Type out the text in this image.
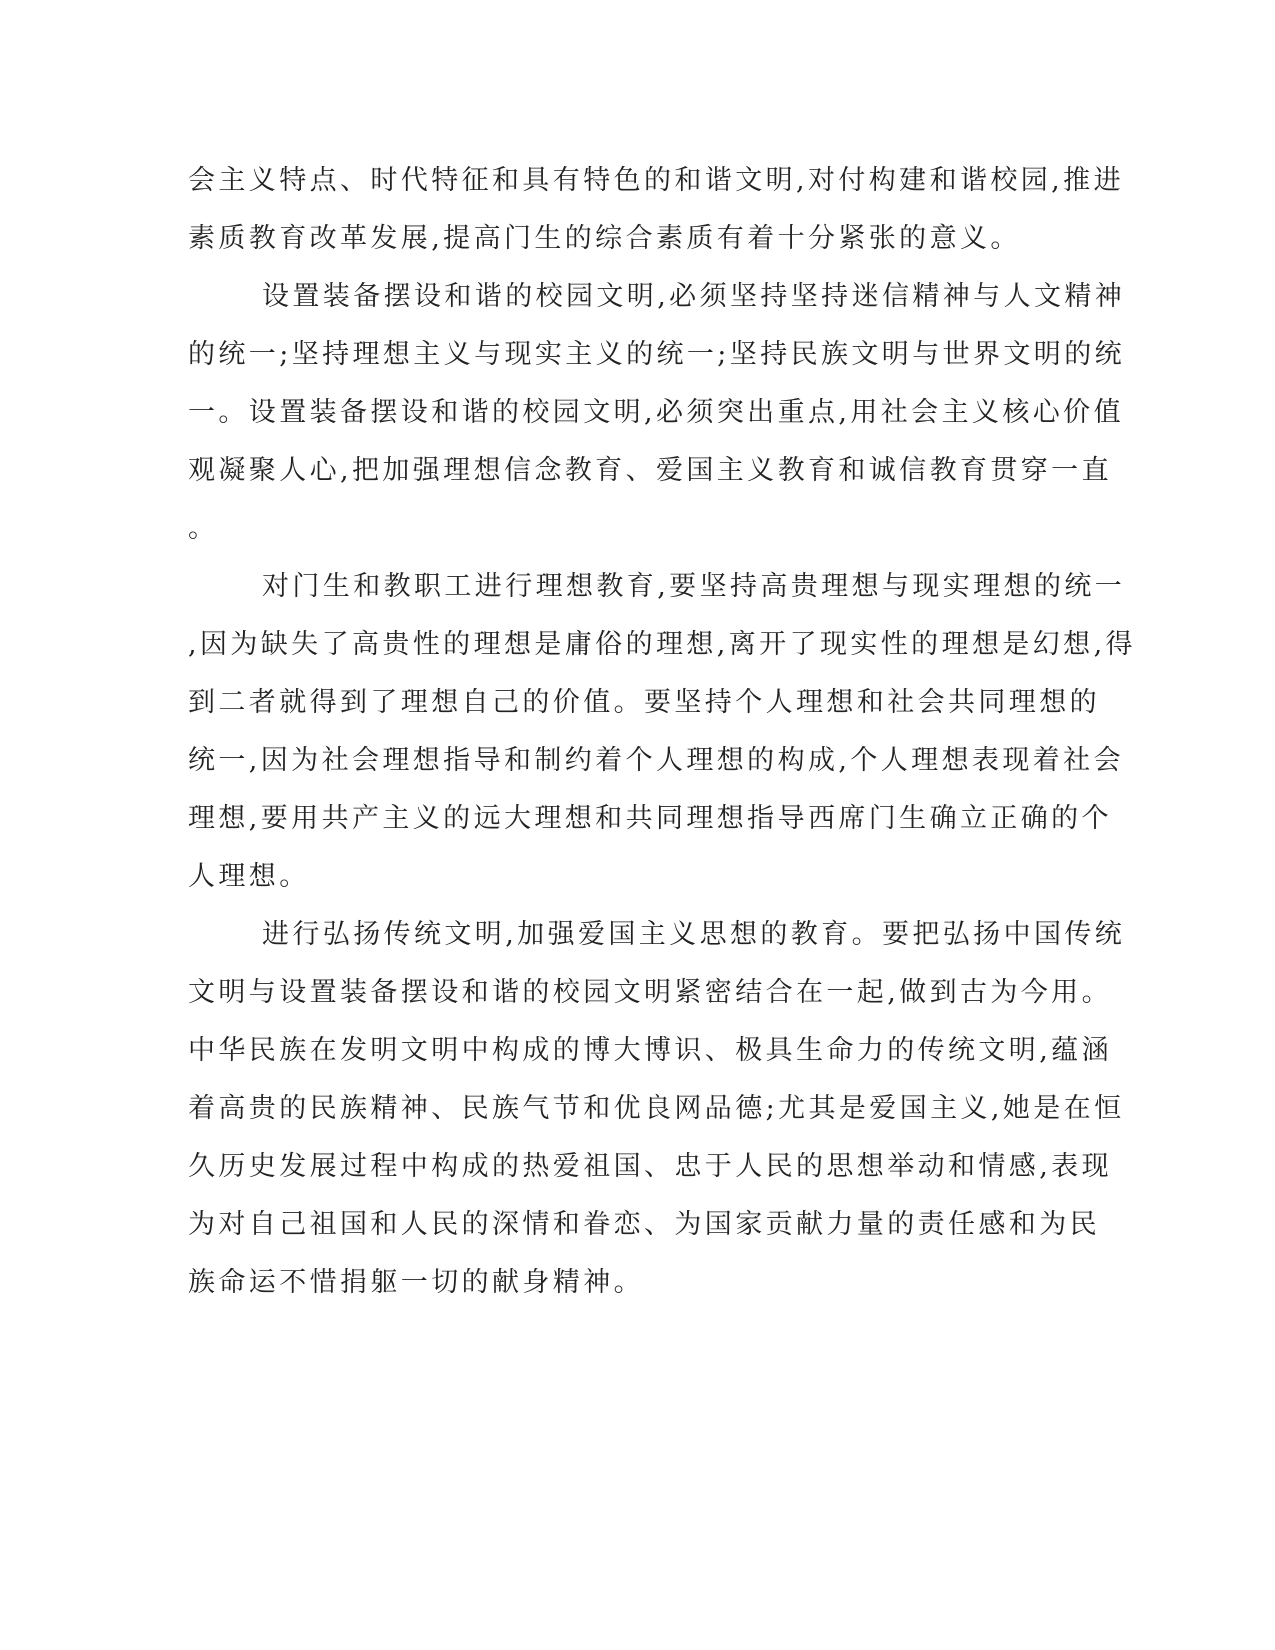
会主义特点、时代特征和具有特色的和谐文明,对付构建和谐校园,推进
素质教育改革发展,提高门生的综合素质有着十分紧张的意义。
设置装备摆设和谐的校园文明,必须坚持坚持迷信精神与人文精神
的统一;坚持理想主义与现实主义的统一;坚持民族文明与世界文明的统
一。设置装备摆设和谐的校园文明,必须突出重点,用社会主义核心价值
观凝聚人心,把加强理想信念教育、爱国主义教育和诚信教育贯穿一直
。
对门生和教职工进行理想教育,要坚持高贵理想与现实理想的统一
,因为缺失了高贵性的理想是庸俗的理想,离开了现实性的理想是幻想,得
到二者就得到了理想自己的价值。要坚持个人理想和社会共同理想的
统一,因为社会理想指导和制约着个人理想的构成,个人理想表现着社会
理想,要用共产主义的远大理想和共同理想指导西席门生确立正确的个
人理想。
进行弘扬传统文明,加强爱国主义思想的教育。要把弘扬中国传统
文明与设置装备摆设和谐的校园文明紧密结合在一起,做到古为今用。
中华民族在发明文明中构成的博大博识、极具生命力的传统文明,蕴涵
着高贵的民族精神、民族气节和优良网品德;尤其是爱国主义,她是在恒
久历史发展过程中构成的热爱祖国、忠于人民的思想举动和情感,表现
为对自己祖国和人民的深情和眷恋、为国家贡献力量的责任感和为民
族命运不惜捐躯一切的献身精神。
